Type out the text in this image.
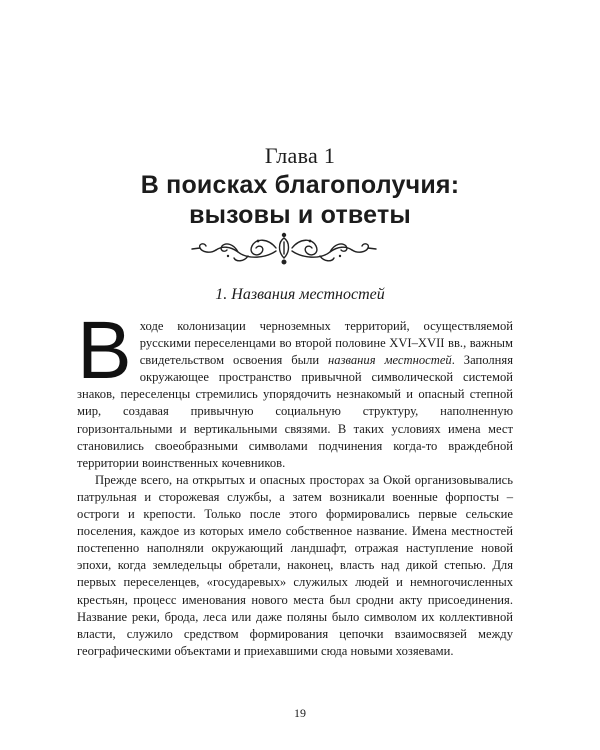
Глава 1
В поисках благополучия:
вызовы и ответы
1. Названия местностей

Входе колонизации черноземных территорий, осуществляемой русскими переселенцами во второй половине XVI–XVII вв., важным свидетельством освоения были названия местностей. Заполняя окружающее пространство привычной символической системой знаков, переселенцы стремились упорядочить незнакомый и опасный степной мир, создавая привычную социальную структуру, наполненную горизонтальными и вертикальными связями. В таких условиях имена мест становились своеобразными символами подчинения когда-то враждебной территории воинственных кочевников.

Прежде всего, на открытых и опасных просторах за Окой организовывались патрульная и сторожевая службы, а затем возникали военные форпосты – остроги и крепости. Только после этого формировались первые сельские поселения, каждое из которых имело собственное название. Имена местностей постепенно наполняли окружающий ландшафт, отражая наступление новой эпохи, когда земледельцы обретали, наконец, власть над дикой степью. Для первых переселенцев, «государевых» служилых людей и немногочисленных крестьян, процесс именования нового места был сродни акту присоединения. Название реки, брода, леса или даже поляны было символом их коллективной власти, служило средством формирования цепочки взаимосвязей между географическими объектами и приехавшими сюда новыми хозяевами.

19
